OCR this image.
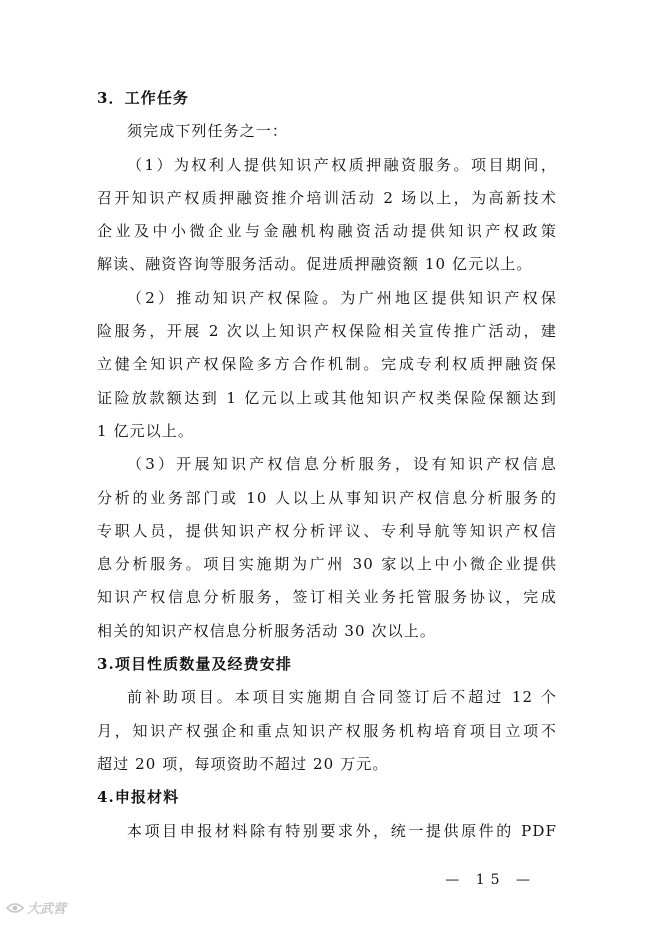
3．工作任务
须完成下列任务之一：
（1）为权利人提供知识产权质押融资服务。项目期间，
召开知识产权质押融资推介培训活动 2 场以上，为高新技术
企业及中小微企业与金融机构融资活动提供知识产权政策
解读、融资咨询等服务活动。促进质押融资额 10 亿元以上。
（2）推动知识产权保险。为广州地区提供知识产权保
险服务，开展 2 次以上知识产权保险相关宣传推广活动，建
立健全知识产权保险多方合作机制。完成专利权质押融资保
证险放款额达到 1 亿元以上或其他知识产权类保险保额达到
1 亿元以上。
（3）开展知识产权信息分析服务，设有知识产权信息
分析的业务部门或 10 人以上从事知识产权信息分析服务的
专职人员，提供知识产权分析评议、专利导航等知识产权信
息分析服务。项目实施期为广州 30 家以上中小微企业提供
知识产权信息分析服务，签订相关业务托管服务协议，完成
相关的知识产权信息分析服务活动 30 次以上。
3.项目性质数量及经费安排
前补助项目。本项目实施期自合同签订后不超过 12 个
月，知识产权强企和重点知识产权服务机构培育项目立项不
超过 20 项，每项资助不超过 20 万元。
4.申报材料
本项目申报材料除有特别要求外，统一提供原件的 PDF
— 15 —
大武营
